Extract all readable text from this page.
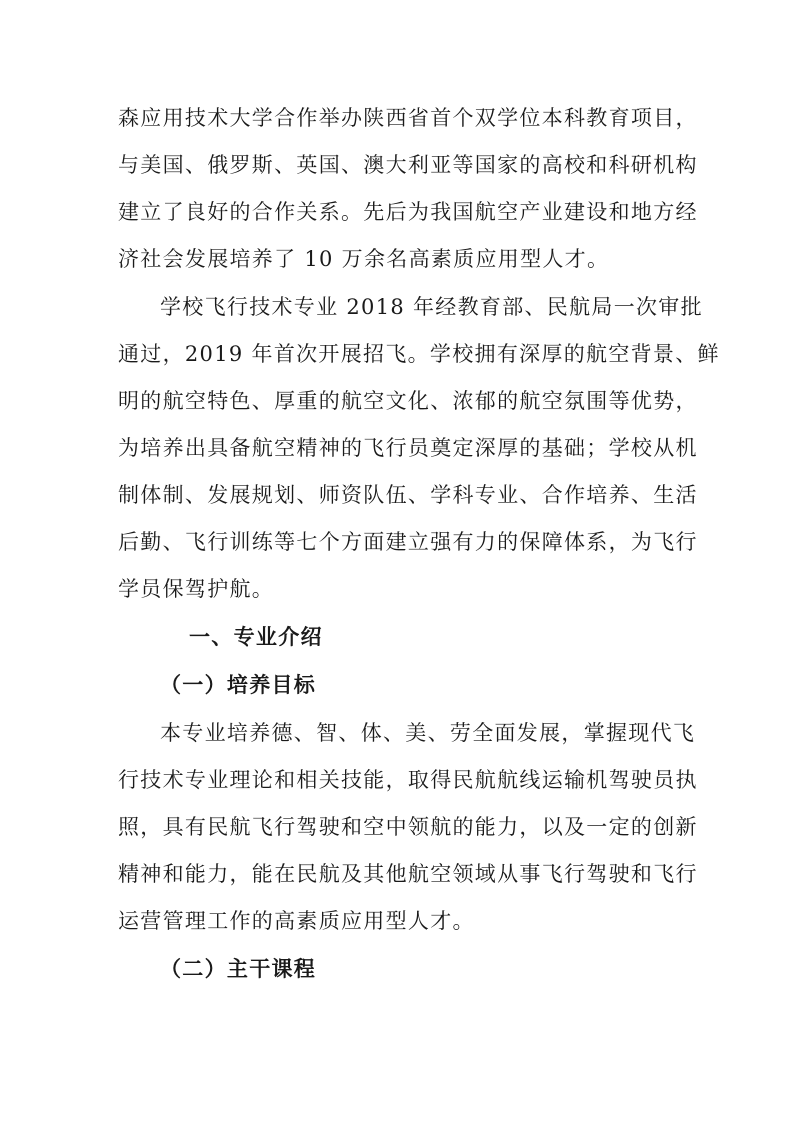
森应用技术大学合作举办陕西省首个双学位本科教育项目，
与美国、俄罗斯、英国、澳大利亚等国家的高校和科研机构
建立了良好的合作关系。先后为我国航空产业建设和地方经
济社会发展培养了 10 万余名高素质应用型人才。
学校飞行技术专业 2018 年经教育部、民航局一次审批
通过，2019 年首次开展招飞。学校拥有深厚的航空背景、鲜
明的航空特色、厚重的航空文化、浓郁的航空氛围等优势，
为培养出具备航空精神的飞行员奠定深厚的基础；学校从机
制体制、发展规划、师资队伍、学科专业、合作培养、生活
后勤、飞行训练等七个方面建立强有力的保障体系，为飞行
学员保驾护航。
一、专业介绍
（一）培养目标
本专业培养德、智、体、美、劳全面发展，掌握现代飞
行技术专业理论和相关技能，取得民航航线运输机驾驶员执
照，具有民航飞行驾驶和空中领航的能力，以及一定的创新
精神和能力，能在民航及其他航空领域从事飞行驾驶和飞行
运营管理工作的高素质应用型人才。
（二）主干课程
